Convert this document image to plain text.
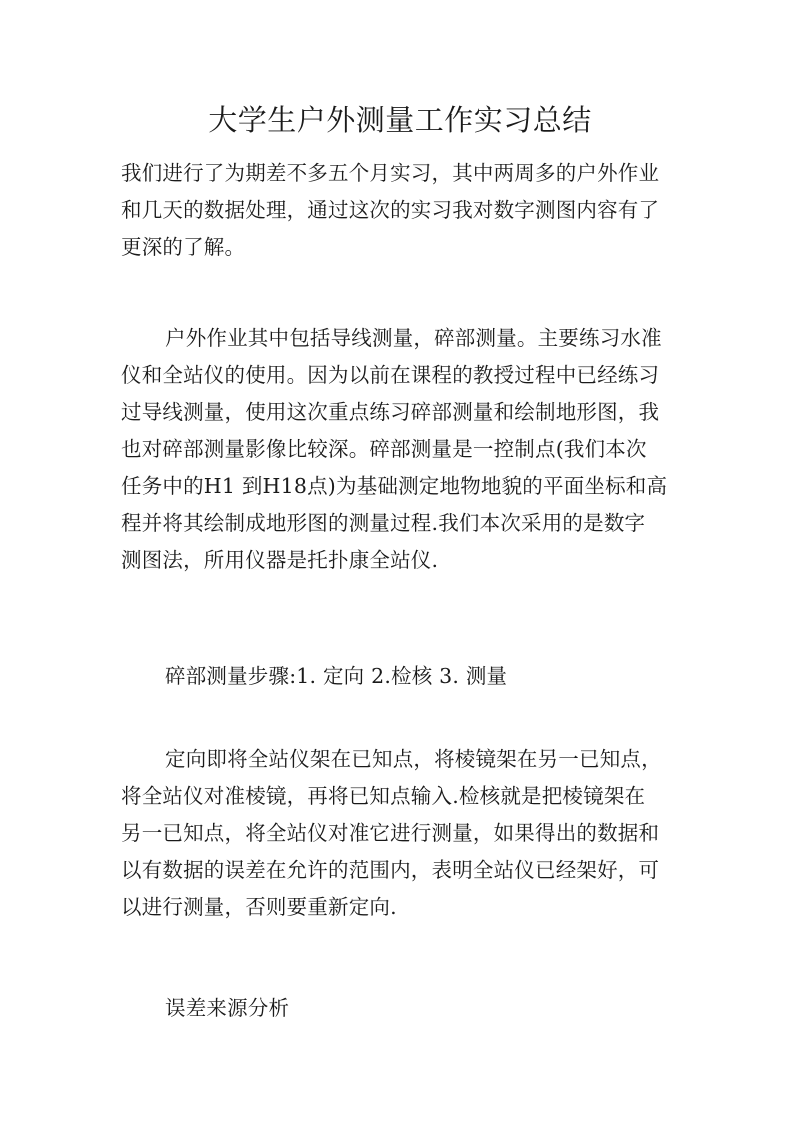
大学生户外测量工作实习总结
我们进行了为期差不多五个月实习，其中两周多的户外作业
和几天的数据处理，通过这次的实习我对数字测图内容有了
更深的了解。
户外作业其中包括导线测量，碎部测量。主要练习水准
仪和全站仪的使用。因为以前在课程的教授过程中已经练习
过导线测量，使用这次重点练习碎部测量和绘制地形图，我
也对碎部测量影像比较深。碎部测量是一控制点(我们本次
任务中的H1 到H18点)为基础测定地物地貌的平面坐标和高
程并将其绘制成地形图的测量过程.我们本次采用的是数字
测图法，所用仪器是托扑康全站仪.
碎部测量步骤:1. 定向 2.检核 3. 测量
定向即将全站仪架在已知点，将棱镜架在另一已知点，
将全站仪对准棱镜，再将已知点输入.检核就是把棱镜架在
另一已知点，将全站仪对准它进行测量，如果得出的数据和
以有数据的误差在允许的范围内，表明全站仪已经架好，可
以进行测量，否则要重新定向.
误差来源分析
